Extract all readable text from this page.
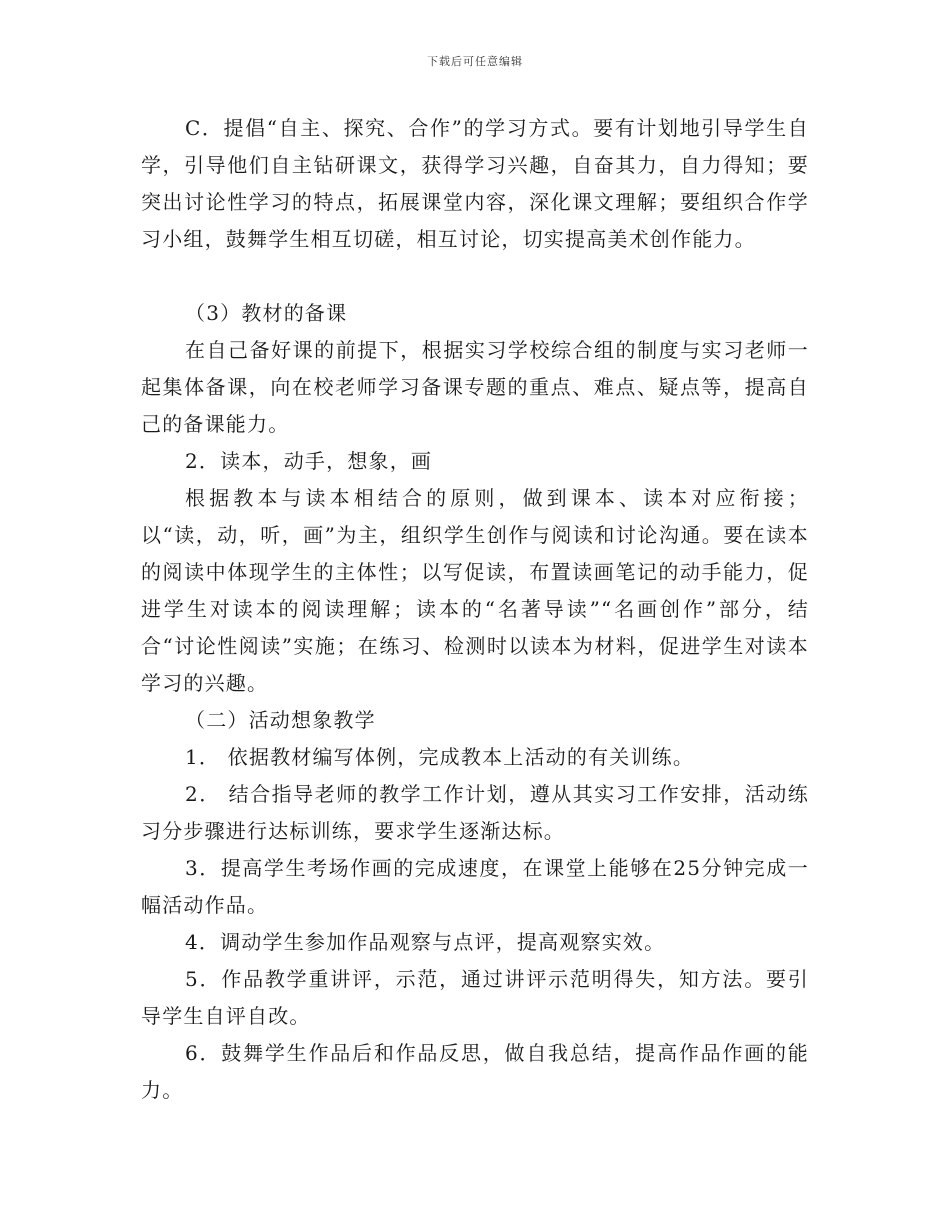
下载后可任意编辑

C．提倡“自主、探究、合作”的学习方式。要有计划地引导学生自学，引导他们自主钻研课文，获得学习兴趣，自奋其力，自力得知；要突出讨论性学习的特点，拓展课堂内容，深化课文理解；要组织合作学习小组，鼓舞学生相互切磋，相互讨论，切实提高美术创作能力。

（3）教材的备课

在自己备好课的前提下，根据实习学校综合组的制度与实习老师一起集体备课，向在校老师学习备课专题的重点、难点、疑点等，提高自己的备课能力。

2．读本，动手，想象，画

根据教本与读本相结合的原则，做到课本、读本对应衔接；以“读，动，听，画”为主，组织学生创作与阅读和讨论沟通。要在读本的阅读中体现学生的主体性；以写促读，布置读画笔记的动手能力，促进学生对读本的阅读理解；读本的“名著导读”“名画创作”部分，结合“讨论性阅读”实施；在练习、检测时以读本为材料，促进学生对读本学习的兴趣。

（二）活动想象教学

1． 依据教材编写体例，完成教本上活动的有关训练。

2． 结合指导老师的教学工作计划，遵从其实习工作安排，活动练习分步骤进行达标训练，要求学生逐渐达标。

3．提高学生考场作画的完成速度，在课堂上能够在25分钟完成一幅活动作品。

4．调动学生参加作品观察与点评，提高观察实效。

5．作品教学重讲评，示范，通过讲评示范明得失，知方法。要引导学生自评自改。

6．鼓舞学生作品后和作品反思，做自我总结，提高作品作画的能力。
